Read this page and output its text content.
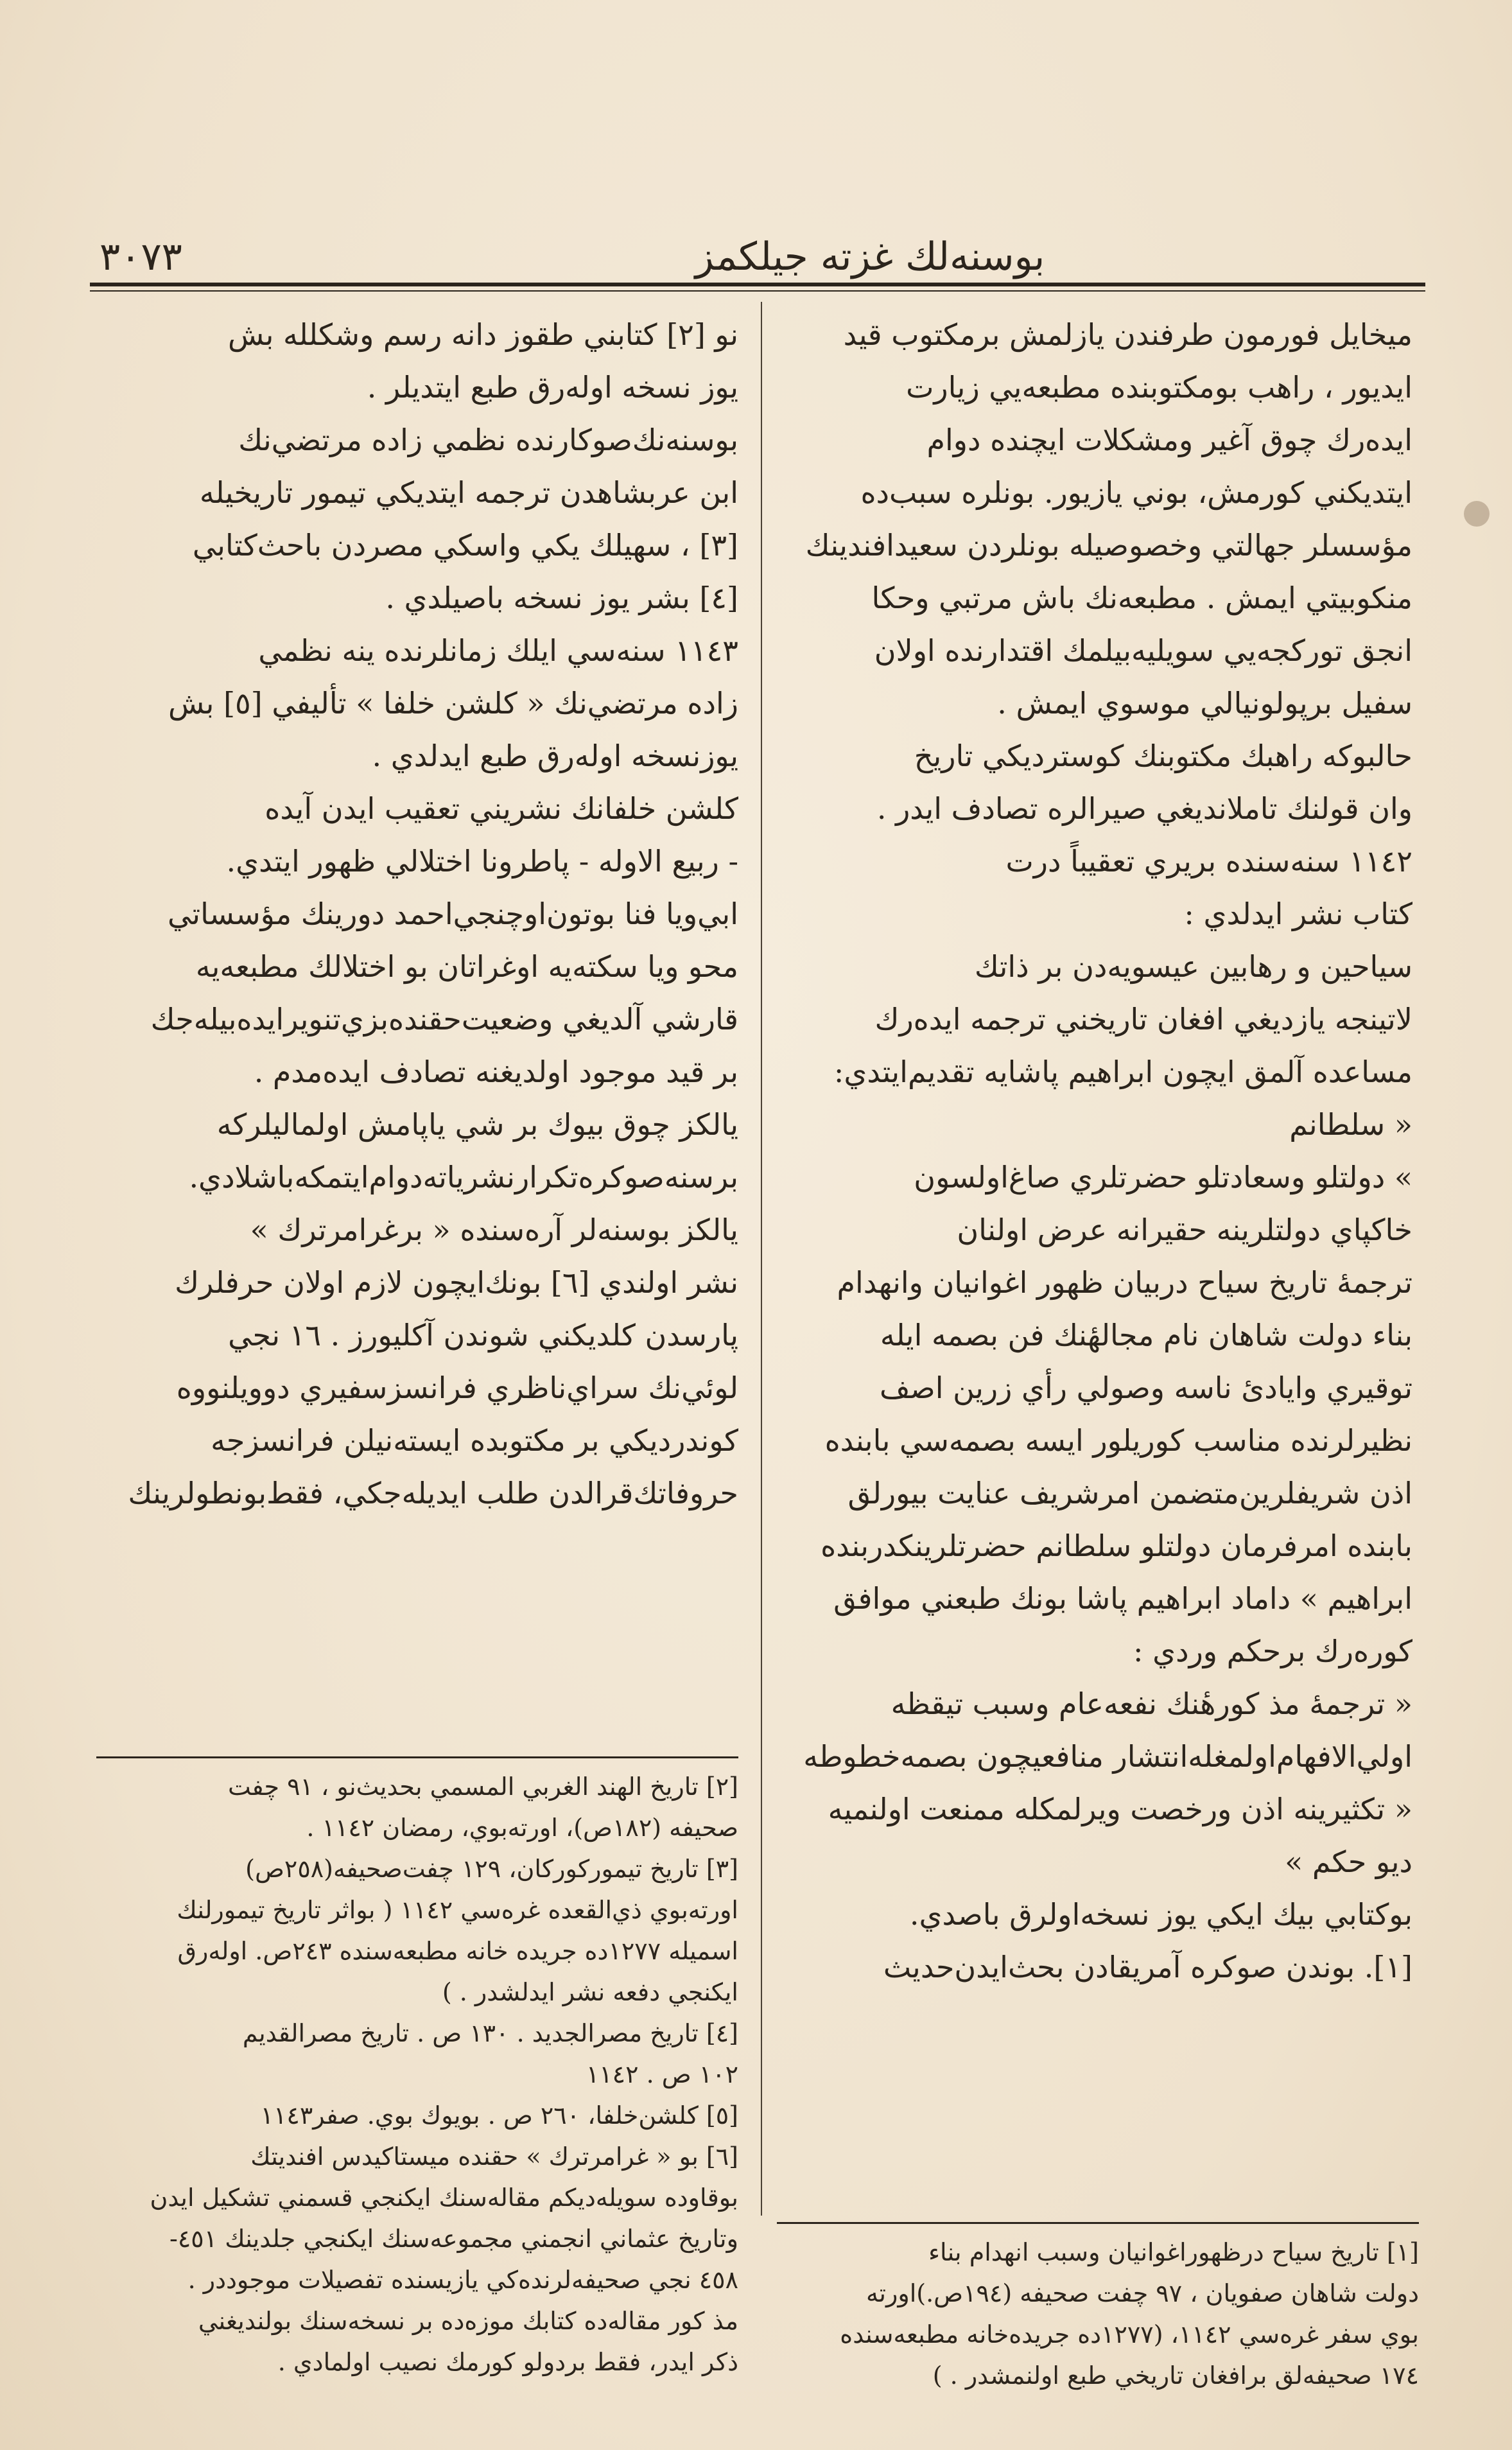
٣٠٧٣	بوسنه‌لك غزته جيلكمز
ميخايل فورمون طرفندن يازلمش برمكتوب قيد
ايديور ، راهب بومكتوبنده مطبعه‌يي زيارت
ايده‌رك چوق آغير ومشكلات ايچنده دوام
ايتديكني كورمش، بوني يازيور. بونلره سبب‌ده
مؤسسلر جهالتي وخصوصيله بونلردن سعيدافندينك
منكوبيتي ايمش . مطبعه‌نك باش مرتبي وحكا
انجق توركجه‌يي سويليه‌بيلمك اقتدارنده اولان
سفيل برپولونيالي موسوي ايمش .
حالبوكه راهبك مكتوبنك كوستردیکي تاريخ
وان قولنك تاملانديغي صيرالره تصادف ايدر .
١١٤٢ سنه‌سنده بريري تعقيباً درت
كتاب نشر ايدلدي :
سياحين و رهابين عيسويه‌دن بر ذاتك
لاتينجه يازديغي افغان تاريخني ترجمه ايده‌رك
مساعده آلمق ايچون ابراهيم پاشايه تقديم‌ايتدي:
« سلطانم
» دولتلو وسعادتلو حضرتلري صاغ‌اولسون
خاكپاي دولتلرينه حقيرانه عرض اولنان
ترجمهٔ تاريخ سياح دربيان ظهور اغوانيان وانهدام
بناء دولت شاهان نام مجالهٔنك فن بصمه ايله
توقيري وايادئ ناسه وصولي رأي زرين اصف
نظيرلرنده مناسب كوريلور ايسه بصمه‌سي بابنده
اذن شريفلرين‌متضمن امرشريف عنايت بيورلق
بابنده امرفرمان دولتلو سلطانم حضرتلرينكدربنده
ابراهيم » داماد ابراهيم پاشا بونك طبعني موافق
كوره‌رك برحكم وردي :
« ترجمهٔ مذ كورهٔنك نفعه‌عام وسبب تيقظه
اولي‌الافهام‌اولمغله‌انتشار منافعيچون بصمه‌خطوطه
« تكثيرينه اذن ورخصت ويرلمكله ممنعت اولنميه
ديو حكم »
بوكتابي بيك ايكي يوز نسخه‌اولرق باصدي.
[١]. بوندن صوكره آمريقادن بحث‌ايدن‌حديث
نو [٢] كتابني طقوز دانه رسم وشكلله بش
يوز نسخه اوله‌رق طبع ايتديلر .
بوسنه‌نك‌صوكارنده نظمي زاده مرتضي‌نك
ابن عربشاهدن ترجمه ايتديكي تيمور تاريخيله
[٣] ، سهيلك يكي واسكي مصردن باحث‌كتابي
[٤] بشر يوز نسخه باصيلدي .
١١٤٣ سنه‌سي ايلك زمانلرنده ينه نظمي
زاده مرتضي‌نك « كلشن خلفا » تأليفي [٥] بش
يوزنسخه اوله‌رق طبع ايدلدي .
كلشن خلفانك نشريني تعقيب ايدن آيده
- ربيع الاوله - پاطرونا اختلالي ظهور ايتدي.
ابي‌ويا فنا بوتون‌اوچنجي‌احمد دورينك مؤسساتي
محو ويا سكته‌يه اوغراتان بو اختلالك مطبعه‌يه
قارشي آلديغي وضعيت‌حقنده‌بزي‌تنوير‌ايده‌بيله‌جك
بر قيد موجود اولديغنه تصادف ايده‌مدم .
يالكز چوق بيوك بر شي ياپامش اولماليلركه
برسنه‌صوكره‌تكرار‌نشرياته‌دوام‌ايتمكه‌باشلادي.
يالكز بوسنه‌لر آره‌سنده « برغرامر‌ترك »
نشر اولندي [٦] بونك‌ايچون لازم اولان حرفلرك
پارسدن كلديكني شوندن آكليورز . ١٦ نجي
لوئي‌نك سراي‌ناظري فرانسزسفيري دوويلنووه
كوندرديكي بر مكتوبده ايسته‌نيلن فرانسزجه
حروفاتك‌قرالدن طلب ايديله‌جكي، فقط‌بونطولرينك
[٢] تاريخ الهند الغربي المسمي بحديث‌نو ، ٩١ چفت
صحيفه (١٨٢ص)، اورته‌بوي، رمضان ١١٤٢ .
[٣] تاريخ تيموركوركان، ١٢٩ چفت‌صحيفه(٢٥٨ص)
اورته‌بوي ذي‌القعده غره‌سي ١١٤٢ ( بواثر تاريخ تيمورلنك
اسميله ١٢٧٧ده جريده خانه مطبعه‌سنده ٢٤٣ص. اوله‌رق
ايكنجي دفعه نشر ايدلشدر . )
[٤] تاريخ مصرالجديد . ١٣٠ ص . تاريخ مصرالقديم
١٠٢ ص . ١١٤٢
[٥] كلشن‌خلفا، ٢٦٠ ص . بويوك بوي. صفر١١٤٣
[٦] بو « غرامر‌ترك » حقنده ميستاكيدس افنديتك
بوقاوده سويله‌ديكم مقاله‌سنك ايكنجي قسمني تشكيل ايدن
وتاريخ عثماني انجمني مجموعه‌سنك ايكنجي جلدينك ٤٥١-
٤٥٨ نجي صحيفه‌لرنده‌كي يازيسنده تفصيلات موجوددر .
مذ كور مقاله‌ده كتابك موزه‌ده بر نسخه‌سنك بولنديغني
ذكر ايدر، فقط بردولو كورمك نصيب اولمادي .
[١] تاريخ سياح درظهوراغوانيان وسبب انهدام بناء
دولت شاهان صفويان ، ٩٧ چفت صحيفه (١٩٤ص.)اورته
بوي سفر غره‌سي ١١٤٢، (١٢٧٧ده جريده‌خانه مطبعه‌سنده
١٧٤ صحيفه‌لق برافغان تاريخي طبع اولنمشدر . )
